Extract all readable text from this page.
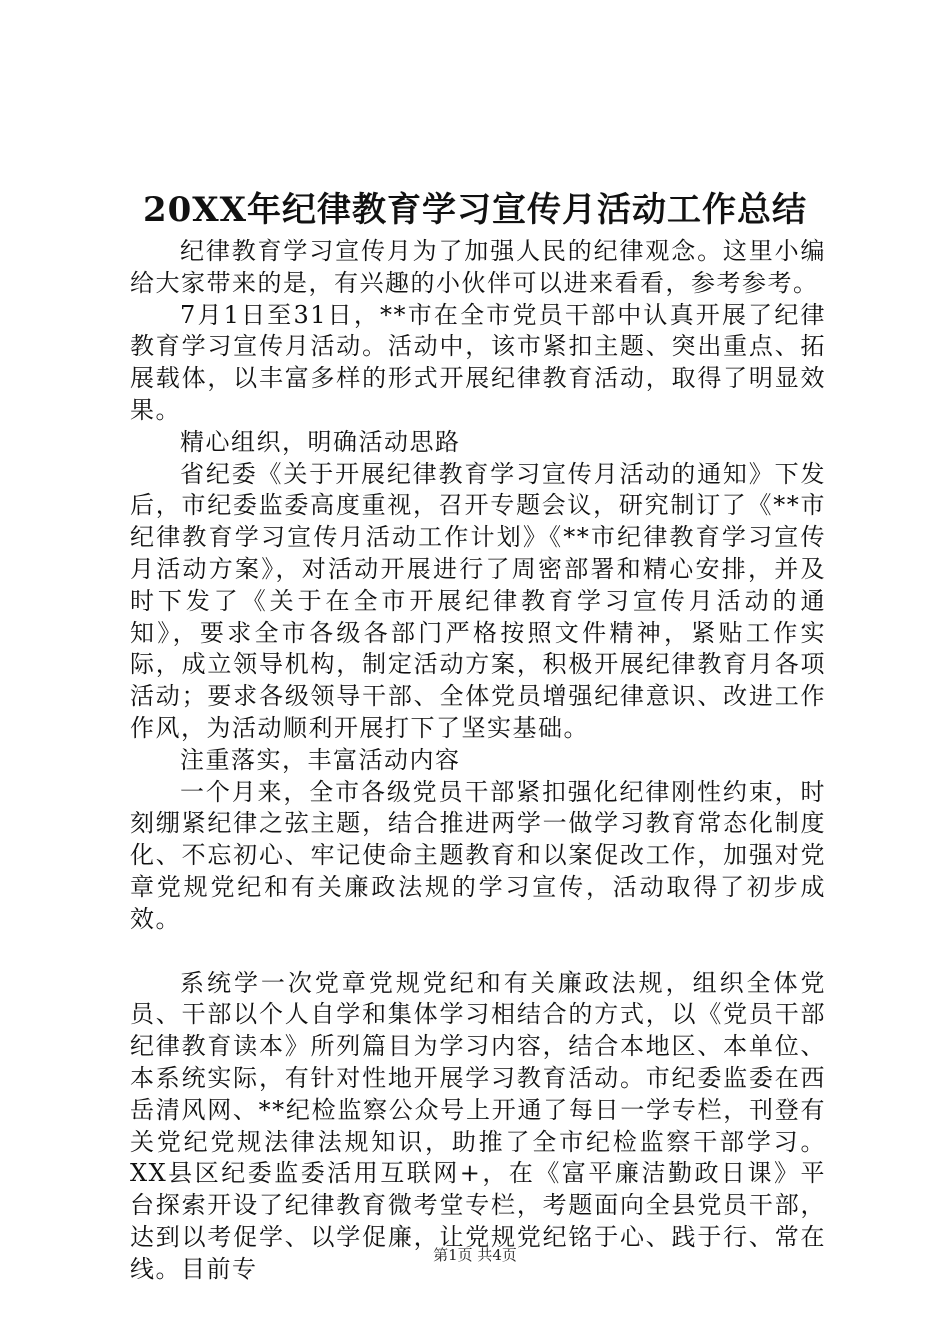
20XX年纪律教育学习宣传月活动工作总结

纪律教育学习宣传月为了加强人民的纪律观念。这里小编给大家带来的是，有兴趣的小伙伴可以进来看看，参考参考。

7月1日至31日，**市在全市党员干部中认真开展了纪律教育学习宣传月活动。活动中，该市紧扣主题、突出重点、拓展载体，以丰富多样的形式开展纪律教育活动，取得了明显效果。

精心组织，明确活动思路

省纪委《关于开展纪律教育学习宣传月活动的通知》下发后，市纪委监委高度重视，召开专题会议，研究制订了《**市纪律教育学习宣传月活动工作计划》《**市纪律教育学习宣传月活动方案》，对活动开展进行了周密部署和精心安排，并及时下发了《关于在全市开展纪律教育学习宣传月活动的通知》，要求全市各级各部门严格按照文件精神，紧贴工作实际，成立领导机构，制定活动方案，积极开展纪律教育月各项活动；要求各级领导干部、全体党员增强纪律意识、改进工作作风，为活动顺利开展打下了坚实基础。

注重落实，丰富活动内容

一个月来，全市各级党员干部紧扣强化纪律刚性约束，时刻绷紧纪律之弦主题，结合推进两学一做学习教育常态化制度化、不忘初心、牢记使命主题教育和以案促改工作，加强对党章党规党纪和有关廉政法规的学习宣传，活动取得了初步成效。

系统学一次党章党规党纪和有关廉政法规，组织全体党员、干部以个人自学和集体学习相结合的方式，以《党员干部纪律教育读本》所列篇目为学习内容，结合本地区、本单位、本系统实际，有针对性地开展学习教育活动。市纪委监委在西岳清风网、**纪检监察公众号上开通了每日一学专栏，刊登有关党纪党规法律法规知识，助推了全市纪检监察干部学习。XX县区纪委监委活用互联网+，在《富平廉洁勤政日课》平台探索开设了纪律教育微考堂专栏，考题面向全县党员干部，达到以考促学、以学促廉，让党规党纪铭于心、践于行、常在线。目前专	第1页 共4页
